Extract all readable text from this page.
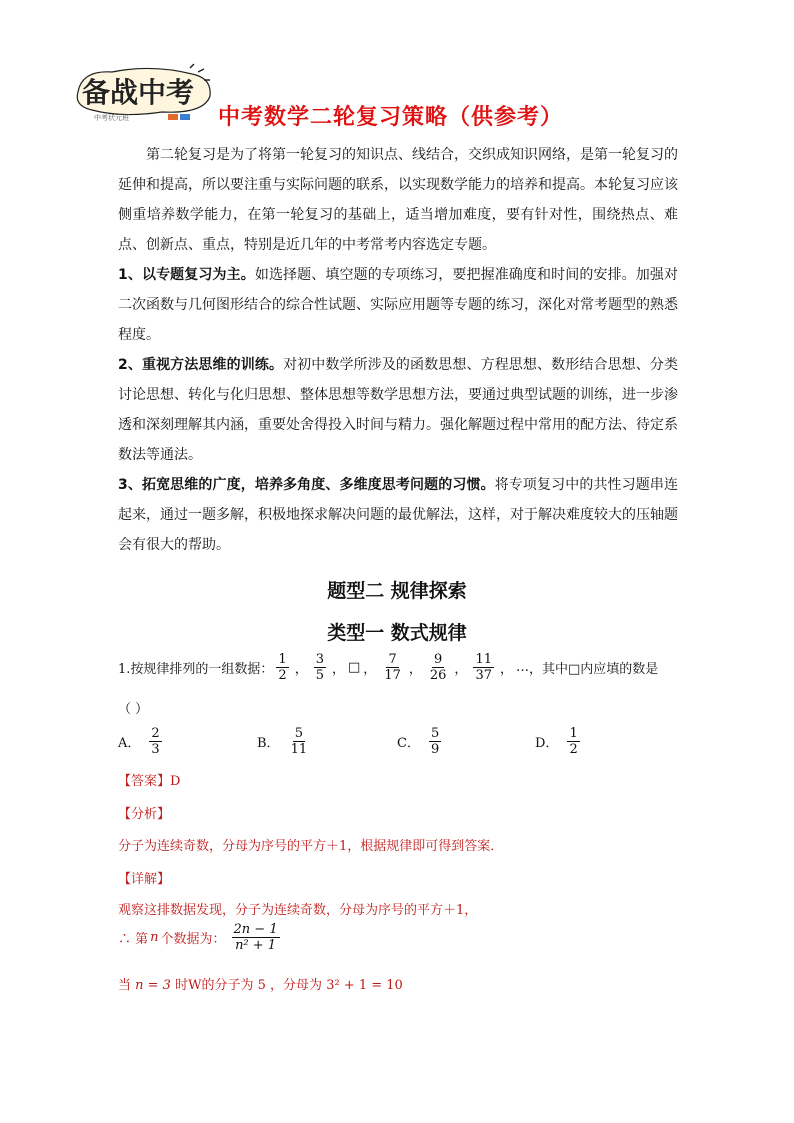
备战中考
中考状元班	中考数学二轮复习策略（供参考）

第二轮复习是为了将第一轮复习的知识点、线结合，交织成知识网络，是第一轮复习的延伸和提高，所以要注重与实际问题的联系，以实现数学能力的培养和提高。本轮复习应该侧重培养数学能力，在第一轮复习的基础上，适当增加难度，要有针对性，围绕热点、难点、创新点、重点，特别是近几年的中考常考内容选定专题。

1、以专题复习为主。如选择题、填空题的专项练习，要把握准确度和时间的安排。加强对二次函数与几何图形结合的综合性试题、实际应用题等专题的练习，深化对常考题型的熟悉程度。

2、重视方法思维的训练。对初中数学所涉及的函数思想、方程思想、数形结合思想、分类讨论思想、转化与化归思想、整体思想等数学思想方法，要通过典型试题的训练，进一步渗透和深刻理解其内涵，重要处舍得投入时间与精力。强化解题过程中常用的配方法、待定系数法等通法。

3、拓宽思维的广度，培养多角度、多维度思考问题的习惯。将专项复习中的共性习题串连起来，通过一题多解，积极地探求解决问题的最优解法，这样，对于解决难度较大的压轴题会有很大的帮助。

题型二 规律探索
类型一 数式规律
1.按规律排列的一组数据： $\frac{1}{2}$ ， $\frac{3}{5}$ ， □ ， $\frac{7}{17}$ ， $\frac{9}{26}$ ， $\frac{11}{37}$ ， … ，其中□内应填的数是
（ ）
A． $\frac{2}{3}$	B． $\frac{5}{11}$	C． $\frac{5}{9}$	D． $\frac{1}{2}$
【答案】D
【分析】
分子为连续奇数，分母为序号的平方＋1，根据规律即可得到答案．
【详解】
观察这排数据发现，分子为连续奇数，分母为序号的平方＋1，
∴ 第 n 个数据为： $\frac{2n - 1}{\text{n² + 1}}$
当 n = 3 时W的分子为 5 ，分母为 3² + 1 = 10
